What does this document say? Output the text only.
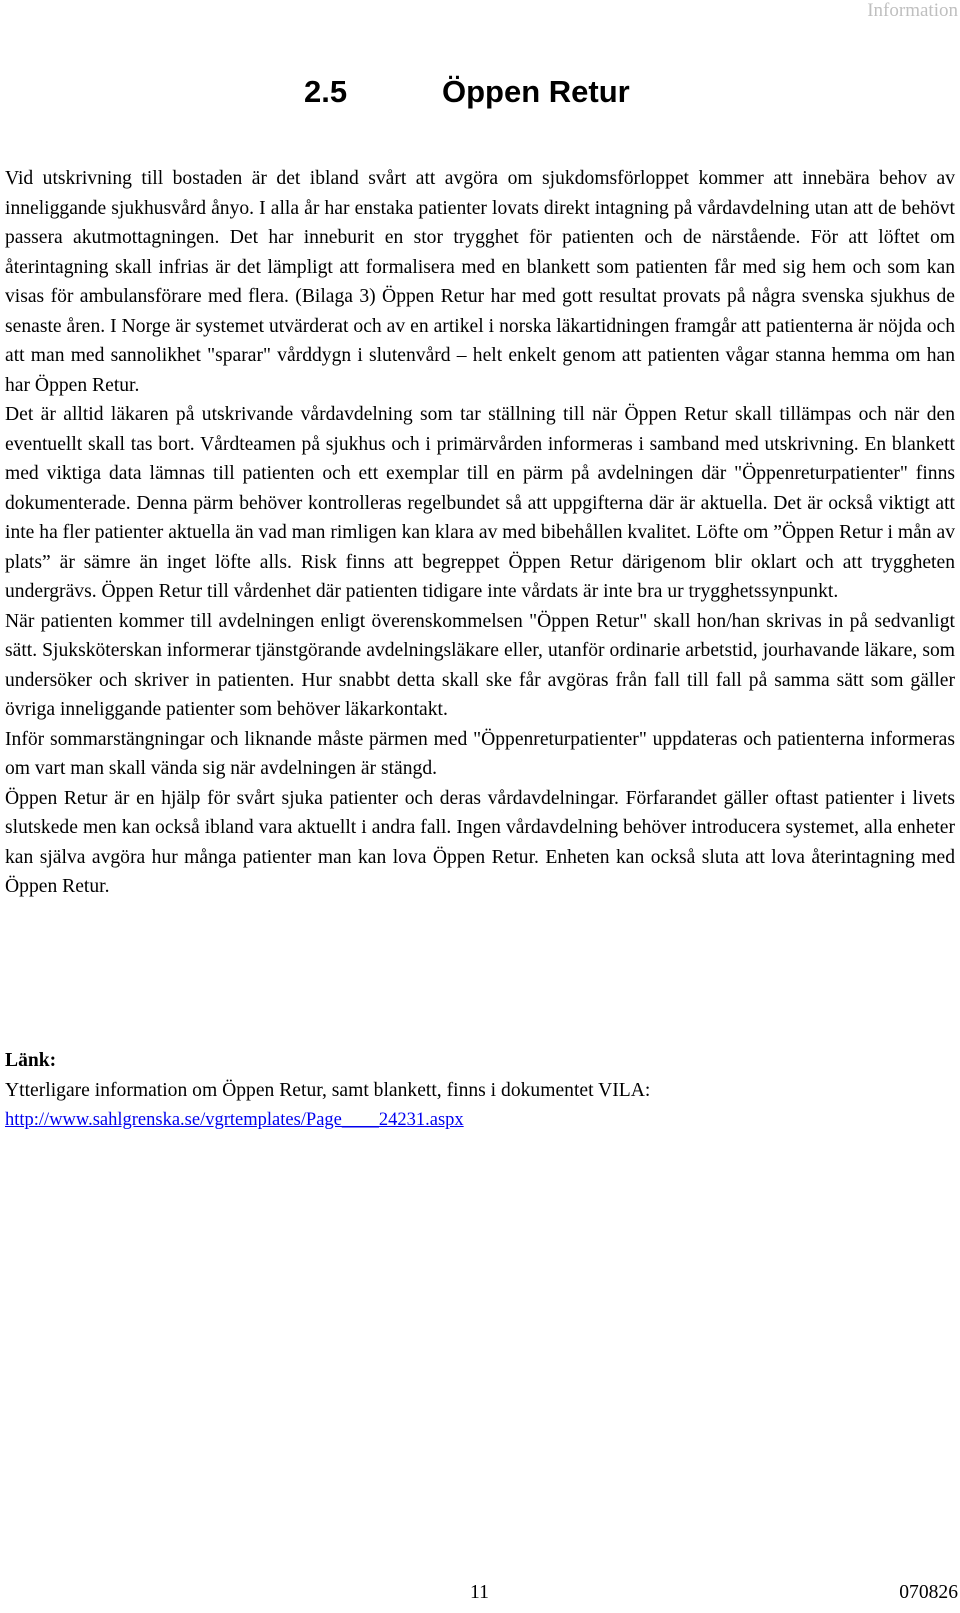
Information
2.5	Öppen Retur

Vid utskrivning till bostaden är det ibland svårt att avgöra om sjukdomsförloppet kommer att innebära behov av inneliggande sjukhusvård ånyo. I alla år har enstaka patienter lovats direkt intagning på vårdavdelning utan att de behövt passera akutmottagningen. Det har inneburit en stor trygghet för patienten och de närstående. För att löftet om återintagning skall infrias är det lämpligt att formalisera med en blankett som patienten får med sig hem och som kan visas för ambulansförare med flera. (Bilaga 3) Öppen Retur har med gott resultat provats på några svenska sjukhus de senaste åren. I Norge är systemet utvärderat och av en artikel i norska läkartidningen framgår att patienterna är nöjda och att man med sannolikhet "sparar" vårddygn i slutenvård – helt enkelt genom att patienten vågar stanna hemma om han har Öppen Retur.

Det är alltid läkaren på utskrivande vårdavdelning som tar ställning till när Öppen Retur skall tillämpas och när den eventuellt skall tas bort. Vårdteamen på sjukhus och i primärvården informeras i samband med utskrivning. En blankett med viktiga data lämnas till patienten och ett exemplar till en pärm på avdelningen där "Öppenreturpatienter" finns dokumenterade. Denna pärm behöver kontrolleras regelbundet så att uppgifterna där är aktuella. Det är också viktigt att inte ha fler patienter aktuella än vad man rimligen kan klara av med bibehållen kvalitet. Löfte om ”Öppen Retur i mån av plats” är sämre än inget löfte alls. Risk finns att begreppet Öppen Retur därigenom blir oklart och att tryggheten undergrävs. Öppen Retur till vårdenhet där patienten tidigare inte vårdats är inte bra ur trygghetssynpunkt.

När patienten kommer till avdelningen enligt överenskommelsen "Öppen Retur" skall hon/han skrivas in på sedvanligt sätt. Sjuksköterskan informerar tjänstgörande avdelningsläkare eller, utanför ordinarie arbetstid, jourhavande läkare, som undersöker och skriver in patienten. Hur snabbt detta skall ske får avgöras från fall till fall på samma sätt som gäller övriga inneliggande patienter som behöver läkarkontakt.

Inför sommarstängningar och liknande måste pärmen med "Öppenreturpatienter" uppdateras och patienterna informeras om vart man skall vända sig när avdelningen är stängd.

Öppen Retur är en hjälp för svårt sjuka patienter och deras vårdavdelningar. Förfarandet gäller oftast patienter i livets slutskede men kan också ibland vara aktuellt i andra fall. Ingen vårdavdelning behöver introducera systemet, alla enheter kan själva avgöra hur många patienter man kan lova Öppen Retur. Enheten kan också sluta att lova återintagning med Öppen Retur.

Länk:

Ytterligare information om Öppen Retur, samt blankett, finns i dokumentet VILA:

http://www.sahlgrenska.se/vgrtemplates/Page____24231.aspx

11	070826
